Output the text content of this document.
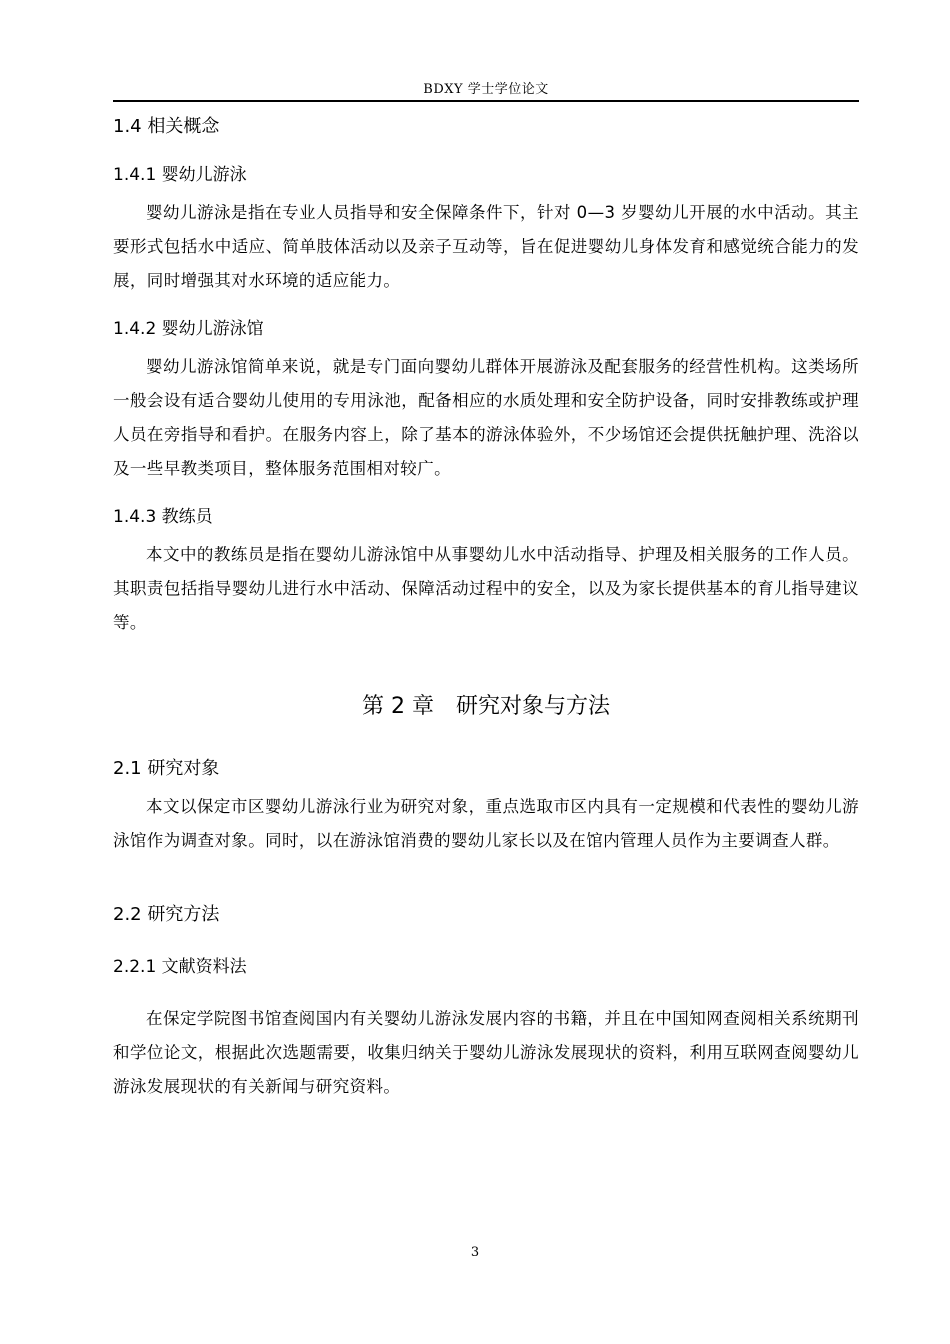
BDXY 学士学位论文
1.4 相关概念
1.4.1 婴幼儿游泳

婴幼儿游泳是指在专业人员指导和安全保障条件下，针对 0—3 岁婴幼儿开展的水中活动。其主要形式包括水中适应、简单肢体活动以及亲子互动等，旨在促进婴幼儿身体发育和感觉统合能力的发展，同时增强其对水环境的适应能力。

1.4.2 婴幼儿游泳馆

婴幼儿游泳馆简单来说，就是专门面向婴幼儿群体开展游泳及配套服务的经营性机构。这类场所一般会设有适合婴幼儿使用的专用泳池，配备相应的水质处理和安全防护设备，同时安排教练或护理人员在旁指导和看护。在服务内容上，除了基本的游泳体验外，不少场馆还会提供抚触护理、洗浴以及一些早教类项目，整体服务范围相对较广。

1.4.3 教练员

本文中的教练员是指在婴幼儿游泳馆中从事婴幼儿水中活动指导、护理及相关服务的工作人员。其职责包括指导婴幼儿进行水中活动、保障活动过程中的安全，以及为家长提供基本的育儿指导建议等。

第 2 章　研究对象与方法
2.1 研究对象

本文以保定市区婴幼儿游泳行业为研究对象，重点选取市区内具有一定规模和代表性的婴幼儿游泳馆作为调查对象。同时，以在游泳馆消费的婴幼儿家长以及在馆内管理人员作为主要调查人群。

2.2 研究方法
2.2.1 文献资料法

在保定学院图书馆查阅国内有关婴幼儿游泳发展内容的书籍，并且在中国知网查阅相关系统期刊和学位论文，根据此次选题需要，收集归纳关于婴幼儿游泳发展现状的资料，利用互联网查阅婴幼儿游泳发展现状的有关新闻与研究资料。

3
